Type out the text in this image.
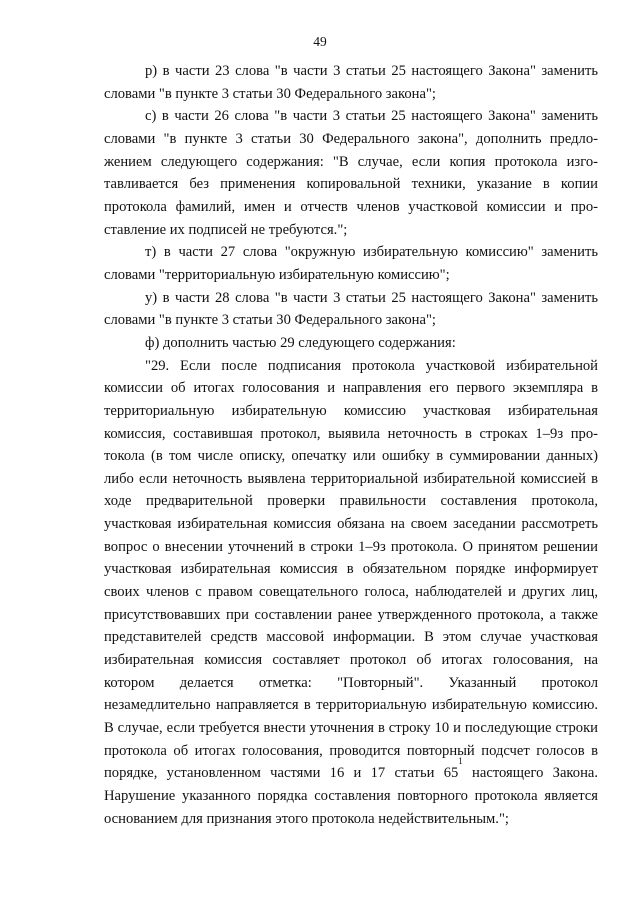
49

р) в части 23 слова "в части 3 статьи 25 настоящего Закона" заменить словами "в пункте 3 статьи 30 Федерального закона";

с) в части 26 слова "в части 3 статьи 25 настоящего Закона" заменить словами "в пункте 3 статьи 30 Федерального закона", дополнить предложением следующего содержания: "В случае, если копия протокола изготавливается без применения копировальной техники, указание в копии протокола фамилий, имен и отчеств членов участковой комиссии и проставление их подписей не требуются.";

т) в части 27 слова "окружную избирательную комиссию" заменить словами "территориальную избирательную комиссию";

у) в части 28 слова "в части 3 статьи 25 настоящего Закона" заменить словами "в пункте 3 статьи 30 Федерального закона";

ф) дополнить частью 29 следующего содержания:

"29. Если после подписания протокола участковой избирательной комиссии об итогах голосования и направления его первого экземпляра в территориальную избирательную комиссию участковая избирательная комиссия, составившая протокол, выявила неточность в строках 1–9з протокола (в том числе описку, опечатку или ошибку в суммировании данных) либо если неточность выявлена территориальной избирательной комиссией в ходе предварительной проверки правильности составления протокола, участковая избирательная комиссия обязана на своем заседании рассмотреть вопрос о внесении уточнений в строки 1–9з протокола. О принятом решении участковая избирательная комиссия в обязательном порядке информирует своих членов с правом совещательного голоса, наблюдателей и других лиц, присутствовавших при составлении ранее утвержденного протокола, а также представителей средств массовой информации. В этом случае участковая избирательная комиссия составляет протокол об итогах голосования, на котором делается отметка: "Повторный". Указанный протокол незамедлительно направляется в территориальную избирательную комиссию. В случае, если требуется внести уточнения в строку 10 и последующие строки протокола об итогах голосования, проводится повторный подсчет голосов в порядке, установленном частями 16 и 17 статьи 65$^1$ настоящего Закона. Нарушение указанного порядка составления повторного протокола является основанием для признания этого протокола недействительным.";
